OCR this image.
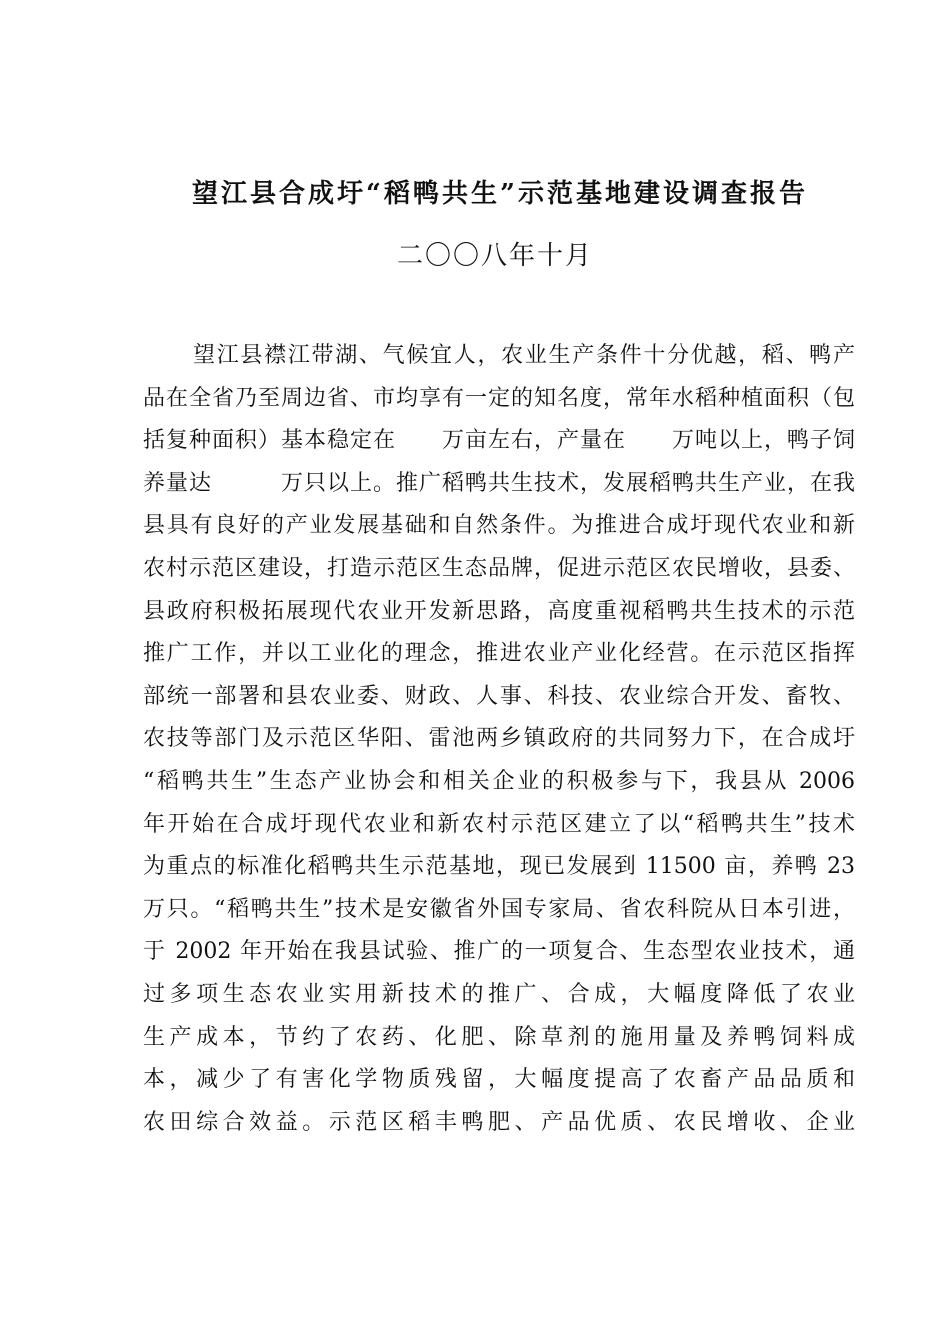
望江县合成圩“稻鸭共生”示范基地建设调查报告
二〇〇八年十月
望江县襟江带湖、气候宜人，农业生产条件十分优越，稻、鸭产
品在全省乃至周边省、市均享有一定的知名度，常年水稻种植面积（包
括复种面积）基本稳定在　　万亩左右，产量在　　万吨以上，鸭子饲
养量达　　　万只以上。推广稻鸭共生技术，发展稻鸭共生产业，在我
县具有良好的产业发展基础和自然条件。为推进合成圩现代农业和新
农村示范区建设，打造示范区生态品牌，促进示范区农民增收，县委、
县政府积极拓展现代农业开发新思路，高度重视稻鸭共生技术的示范
推广工作，并以工业化的理念，推进农业产业化经营。在示范区指挥
部统一部署和县农业委、财政、人事、科技、农业综合开发、畜牧、
农技等部门及示范区华阳、雷池两乡镇政府的共同努力下，在合成圩
“稻鸭共生”生态产业协会和相关企业的积极参与下，我县从 2006
年开始在合成圩现代农业和新农村示范区建立了以“稻鸭共生”技术
为重点的标准化稻鸭共生示范基地，现已发展到 11500 亩，养鸭 23
万只。“稻鸭共生”技术是安徽省外国专家局、省农科院从日本引进，
于 2002 年开始在我县试验、推广的一项复合、生态型农业技术，通
过多项生态农业实用新技术的推广、合成，大幅度降低了农业
生产成本，节约了农药、化肥、除草剂的施用量及养鸭饲料成
本，减少了有害化学物质残留，大幅度提高了农畜产品品质和
农田综合效益。示范区稻丰鸭肥、产品优质、农民增收、企业
